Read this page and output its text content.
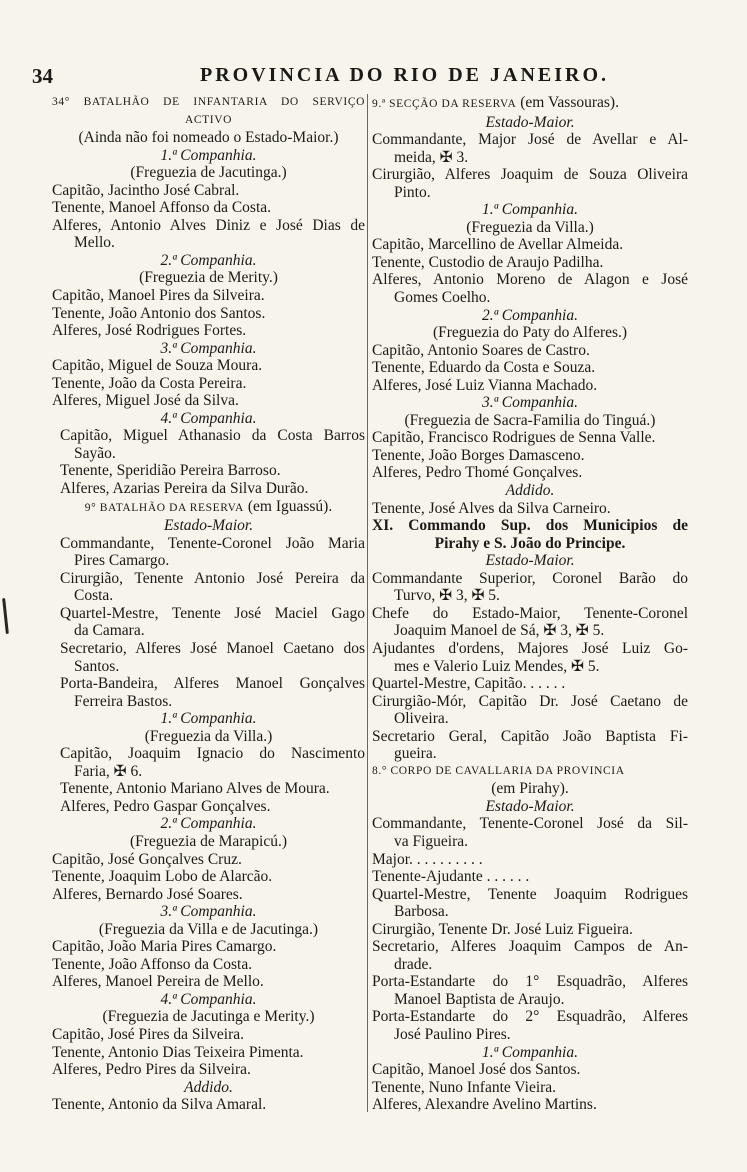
34	PROVINCIA DO RIO DE JANEIRO.
34° BATALHÃO DE INFANTARIA DO SERVIÇO
ACTIVO
(Ainda não foi nomeado o Estado-Maior.)
1.ª Companhia.
(Freguezia de Jacutinga.)
Capitão, Jacintho José Cabral.
Tenente, Manoel Affonso da Costa.
Alferes, Antonio Alves Diniz e José Dias de
Mello.
2.ª Companhia.
(Freguezia de Merity.)
Capitão, Manoel Pires da Silveira.
Tenente, João Antonio dos Santos.
Alferes, José Rodrigues Fortes.
3.ª Companhia.
Capitão, Miguel de Souza Moura.
Tenente, João da Costa Pereira.
Alferes, Miguel José da Silva.
4.ª Companhia.
Capitão, Miguel Athanasio da Costa Barros
Sayão.
Tenente, Speridião Pereira Barroso.
Alferes, Azarias Pereira da Silva Durão.
9° BATALHÃO DA RESERVA (em Iguassú).
Estado-Maior.
Commandante, Tenente-Coronel João Maria
Pires Camargo.
Cirurgião, Tenente Antonio José Pereira da
Costa.
Quartel-Mestre, Tenente José Maciel Gago
da Camara.
Secretario, Alferes José Manoel Caetano dos
Santos.
Porta-Bandeira, Alferes Manoel Gonçalves
Ferreira Bastos.
1.ª Companhia.
(Freguezia da Villa.)
Capitão, Joaquim Ignacio do Nascimento
Faria, ✠ 6.
Tenente, Antonio Mariano Alves de Moura.
Alferes, Pedro Gaspar Gonçalves.
2.ª Companhia.
(Freguezia de Marapicú.)
Capitão, José Gonçalves Cruz.
Tenente, Joaquim Lobo de Alarcão.
Alferes, Bernardo José Soares.
3.ª Companhia.
(Freguezia da Villa e de Jacutinga.)
Capitão, João Maria Pires Camargo.
Tenente, João Affonso da Costa.
Alferes, Manoel Pereira de Mello.
4.ª Companhia.
(Freguezia de Jacutinga e Merity.)
Capitão, José Pires da Silveira.
Tenente, Antonio Dias Teixeira Pimenta.
Alferes, Pedro Pires da Silveira.
Addido.
Tenente, Antonio da Silva Amaral.
9.ª SECÇÃO DA RESERVA (em Vassouras).
Estado-Maior.
Commandante, Major José de Avellar e Al-
meida, ✠ 3.
Cirurgião, Alferes Joaquim de Souza Oliveira
Pinto.
1.ª Companhia.
(Freguezia da Villa.)
Capitão, Marcellino de Avellar Almeida.
Tenente, Custodio de Araujo Padilha.
Alferes, Antonio Moreno de Alagon e José
Gomes Coelho.
2.ª Companhia.
(Freguezia do Paty do Alferes.)
Capitão, Antonio Soares de Castro.
Tenente, Eduardo da Costa e Souza.
Alferes, José Luiz Vianna Machado.
3.ª Companhia.
(Freguezia de Sacra-Familia do Tinguá.)
Capitão, Francisco Rodrigues de Senna Valle.
Tenente, João Borges Damasceno.
Alferes, Pedro Thomé Gonçalves.
Addido.
Tenente, José Alves da Silva Carneiro.
XI. Commando Sup. dos Municipios de
Pirahy e S. João do Principe.
Estado-Maior.
Commandante Superior, Coronel Barão do
Turvo, ✠ 3, ✠ 5.
Chefe do Estado-Maior, Tenente-Coronel
Joaquim Manoel de Sá, ✠ 3, ✠ 5.
Ajudantes d'ordens, Majores José Luiz Go-
mes e Valerio Luiz Mendes, ✠ 5.
Quartel-Mestre, Capitão. . . . . .
Cirurgião-Mór, Capitão Dr. José Caetano de
Oliveira.
Secretario Geral, Capitão João Baptista Fi-
gueira.
8.° CORPO DE CAVALLARIA DA PROVINCIA
(em Pirahy).
Estado-Maior.
Commandante, Tenente-Coronel José da Sil-
va Figueira.
Major. . . . . . . . . .
Tenente-Ajudante . . . . . .
Quartel-Mestre, Tenente Joaquim Rodrigues
Barbosa.
Cirurgião, Tenente Dr. José Luiz Figueira.
Secretario, Alferes Joaquim Campos de An-
drade.
Porta-Estandarte do 1° Esquadrão, Alferes
Manoel Baptista de Araujo.
Porta-Estandarte do 2° Esquadrão, Alferes
José Paulino Pires.
1.ª Companhia.
Capitão, Manoel José dos Santos.
Tenente, Nuno Infante Vieira.
Alferes, Alexandre Avelino Martins.
